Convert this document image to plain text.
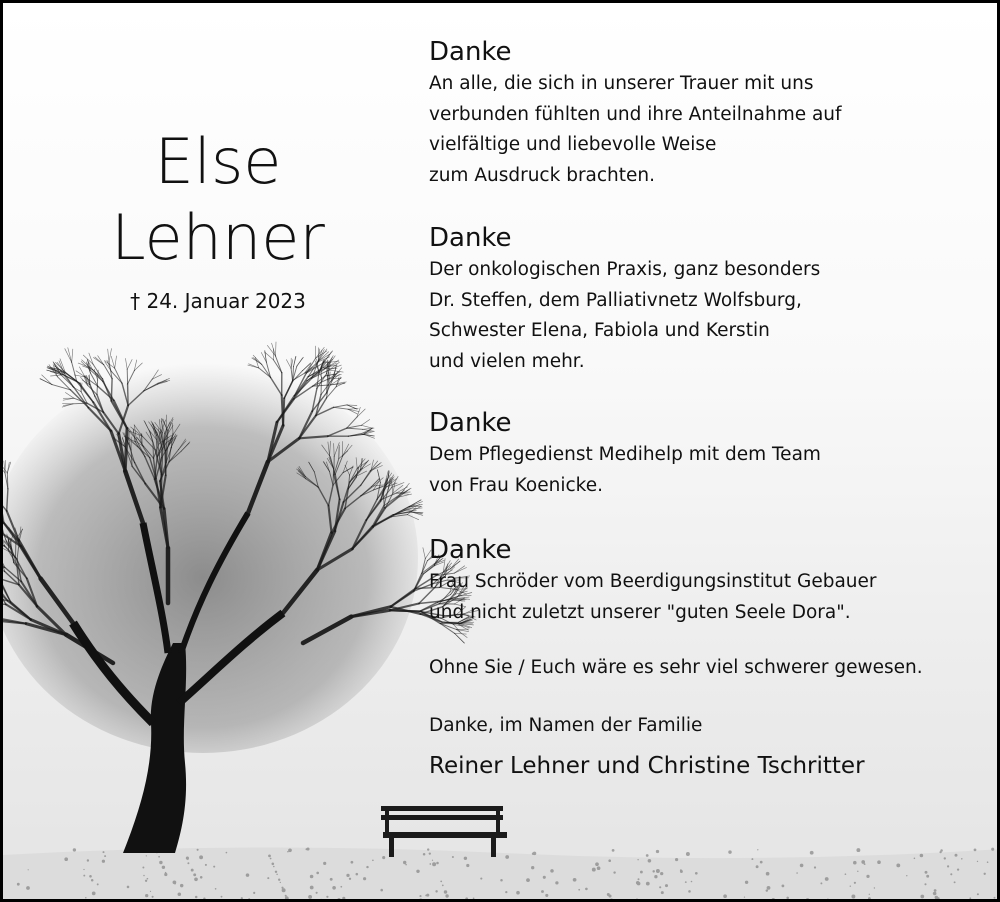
Else
Lehner
† 24. Januar 2023
Danke
An alle, die sich in unserer Trauer mit uns
verbunden fühlten und ihre Anteilnahme auf
vielfältige und liebevolle Weise
zum Ausdruck brachten.
Danke
Der onkologischen Praxis, ganz besonders
Dr. Steffen, dem Palliativnetz Wolfsburg,
Schwester Elena, Fabiola und Kerstin
und vielen mehr.
Danke
Dem Pflegedienst Medihelp mit dem Team
von Frau Koenicke.
Danke
Frau Schröder vom Beerdigungsinstitut Gebauer
und nicht zuletzt unserer "guten Seele Dora".
Ohne Sie / Euch wäre es sehr viel schwerer gewesen.
Danke, im Namen der Familie
Reiner Lehner und Christine Tschritter
